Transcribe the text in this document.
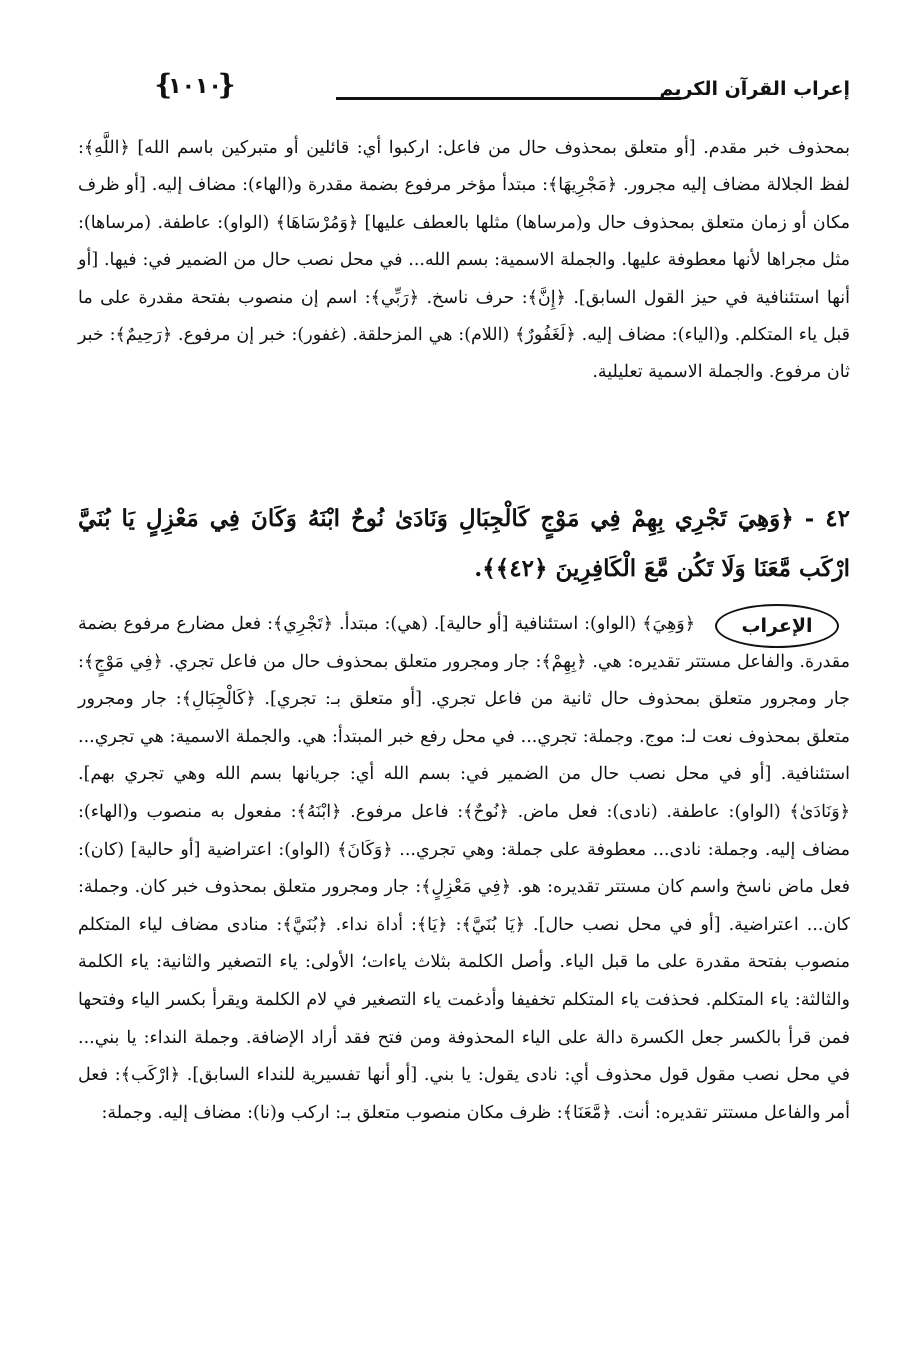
❴ ١٠١٠ ❵	إعراب القرآن الكريم
بمحذوف خبر مقدم. [أو متعلق بمحذوف حال من فاعل: اركبوا أي: قائلين أو متبركين باسم الله] ﴿اللَّهِ﴾: لفظ الجلالة مضاف إليه مجرور. ﴿مَجْرِيهَا﴾: مبتدأ مؤخر مرفوع بضمة مقدرة و(الهاء): مضاف إليه. [أو ظرف مكان أو زمان متعلق بمحذوف حال و(مرساها) مثلها بالعطف عليها] ﴿وَمُرْسَاهَا﴾ (الواو): عاطفة. (مرساها): مثل مجراها لأنها معطوفة عليها. والجملة الاسمية: بسم الله... في محل نصب حال من الضمير في: فيها. [أو أنها استئنافية في حيز القول السابق]. ﴿إِنَّ﴾: حرف ناسخ. ﴿رَبِّي﴾: اسم إن منصوب بفتحة مقدرة على ما قبل ياء المتكلم. و(الياء): مضاف إليه. ﴿لَغَفُورٌ﴾ (اللام): هي المزحلقة. (غفور): خبر إن مرفوع. ﴿رَحِيمٌ﴾: خبر ثان مرفوع. والجملة الاسمية تعليلية.
٤٢ - ﴿وَهِيَ تَجْرِي بِهِمْ فِي مَوْجٍ كَالْجِبَالِ وَنَادَىٰ نُوحٌ ابْنَهُ وَكَانَ فِي مَعْزِلٍ يَا بُنَيَّ ارْكَب مَّعَنَا وَلَا تَكُن مَّعَ الْكَافِرِينَ ﴿٤٢﴾﴾.
الإعراب
﴿وَهِيَ﴾ (الواو): استئنافية [أو حالية]. (هي): مبتدأ. ﴿تَجْرِي﴾: فعل مضارع مرفوع بضمة مقدرة. والفاعل مستتر تقديره: هي. ﴿بِهِمْ﴾: جار ومجرور متعلق بمحذوف حال من فاعل تجري. ﴿فِي مَوْجٍ﴾: جار ومجرور متعلق بمحذوف حال ثانية من فاعل تجري. [أو متعلق بـ: تجري]. ﴿كَالْجِبَالِ﴾: جار ومجرور متعلق بمحذوف نعت لـ: موج. وجملة: تجري... في محل رفع خبر المبتدأ: هي. والجملة الاسمية: هي تجري... استئنافية. [أو في محل نصب حال من الضمير في: بسم الله أي: جريانها بسم الله وهي تجري بهم]. ﴿وَنَادَىٰ﴾ (الواو): عاطفة. (نادى): فعل ماض. ﴿نُوحٌ﴾: فاعل مرفوع. ﴿ابْنَهُ﴾: مفعول به منصوب و(الهاء): مضاف إليه. وجملة: نادى... معطوفة على جملة: وهي تجري... ﴿وَكَانَ﴾ (الواو): اعتراضية [أو حالية] (كان): فعل ماض ناسخ واسم كان مستتر تقديره: هو. ﴿فِي مَعْزِلٍ﴾: جار ومجرور متعلق بمحذوف خبر كان. وجملة: كان... اعتراضية. [أو في محل نصب حال]. ﴿يَا بُنَيَّ﴾: ﴿يَا﴾: أداة نداء. ﴿بُنَيَّ﴾: منادى مضاف لياء المتكلم منصوب بفتحة مقدرة على ما قبل الياء. وأصل الكلمة بثلاث ياءات؛ الأولى: ياء التصغير والثانية: ياء الكلمة والثالثة: ياء المتكلم. فحذفت ياء المتكلم تخفيفا وأدغمت ياء التصغير في لام الكلمة ويقرأ بكسر الياء وفتحها فمن قرأ بالكسر جعل الكسرة دالة على الياء المحذوفة ومن فتح فقد أراد الإضافة. وجملة النداء: يا بني... في محل نصب مقول قول محذوف أي: نادى يقول: يا بني. [أو أنها تفسيرية للنداء السابق]. ﴿ارْكَب﴾: فعل أمر والفاعل مستتر تقديره: أنت. ﴿مَّعَنَا﴾: ظرف مكان منصوب متعلق بـ: اركب و(نا): مضاف إليه. وجملة:
